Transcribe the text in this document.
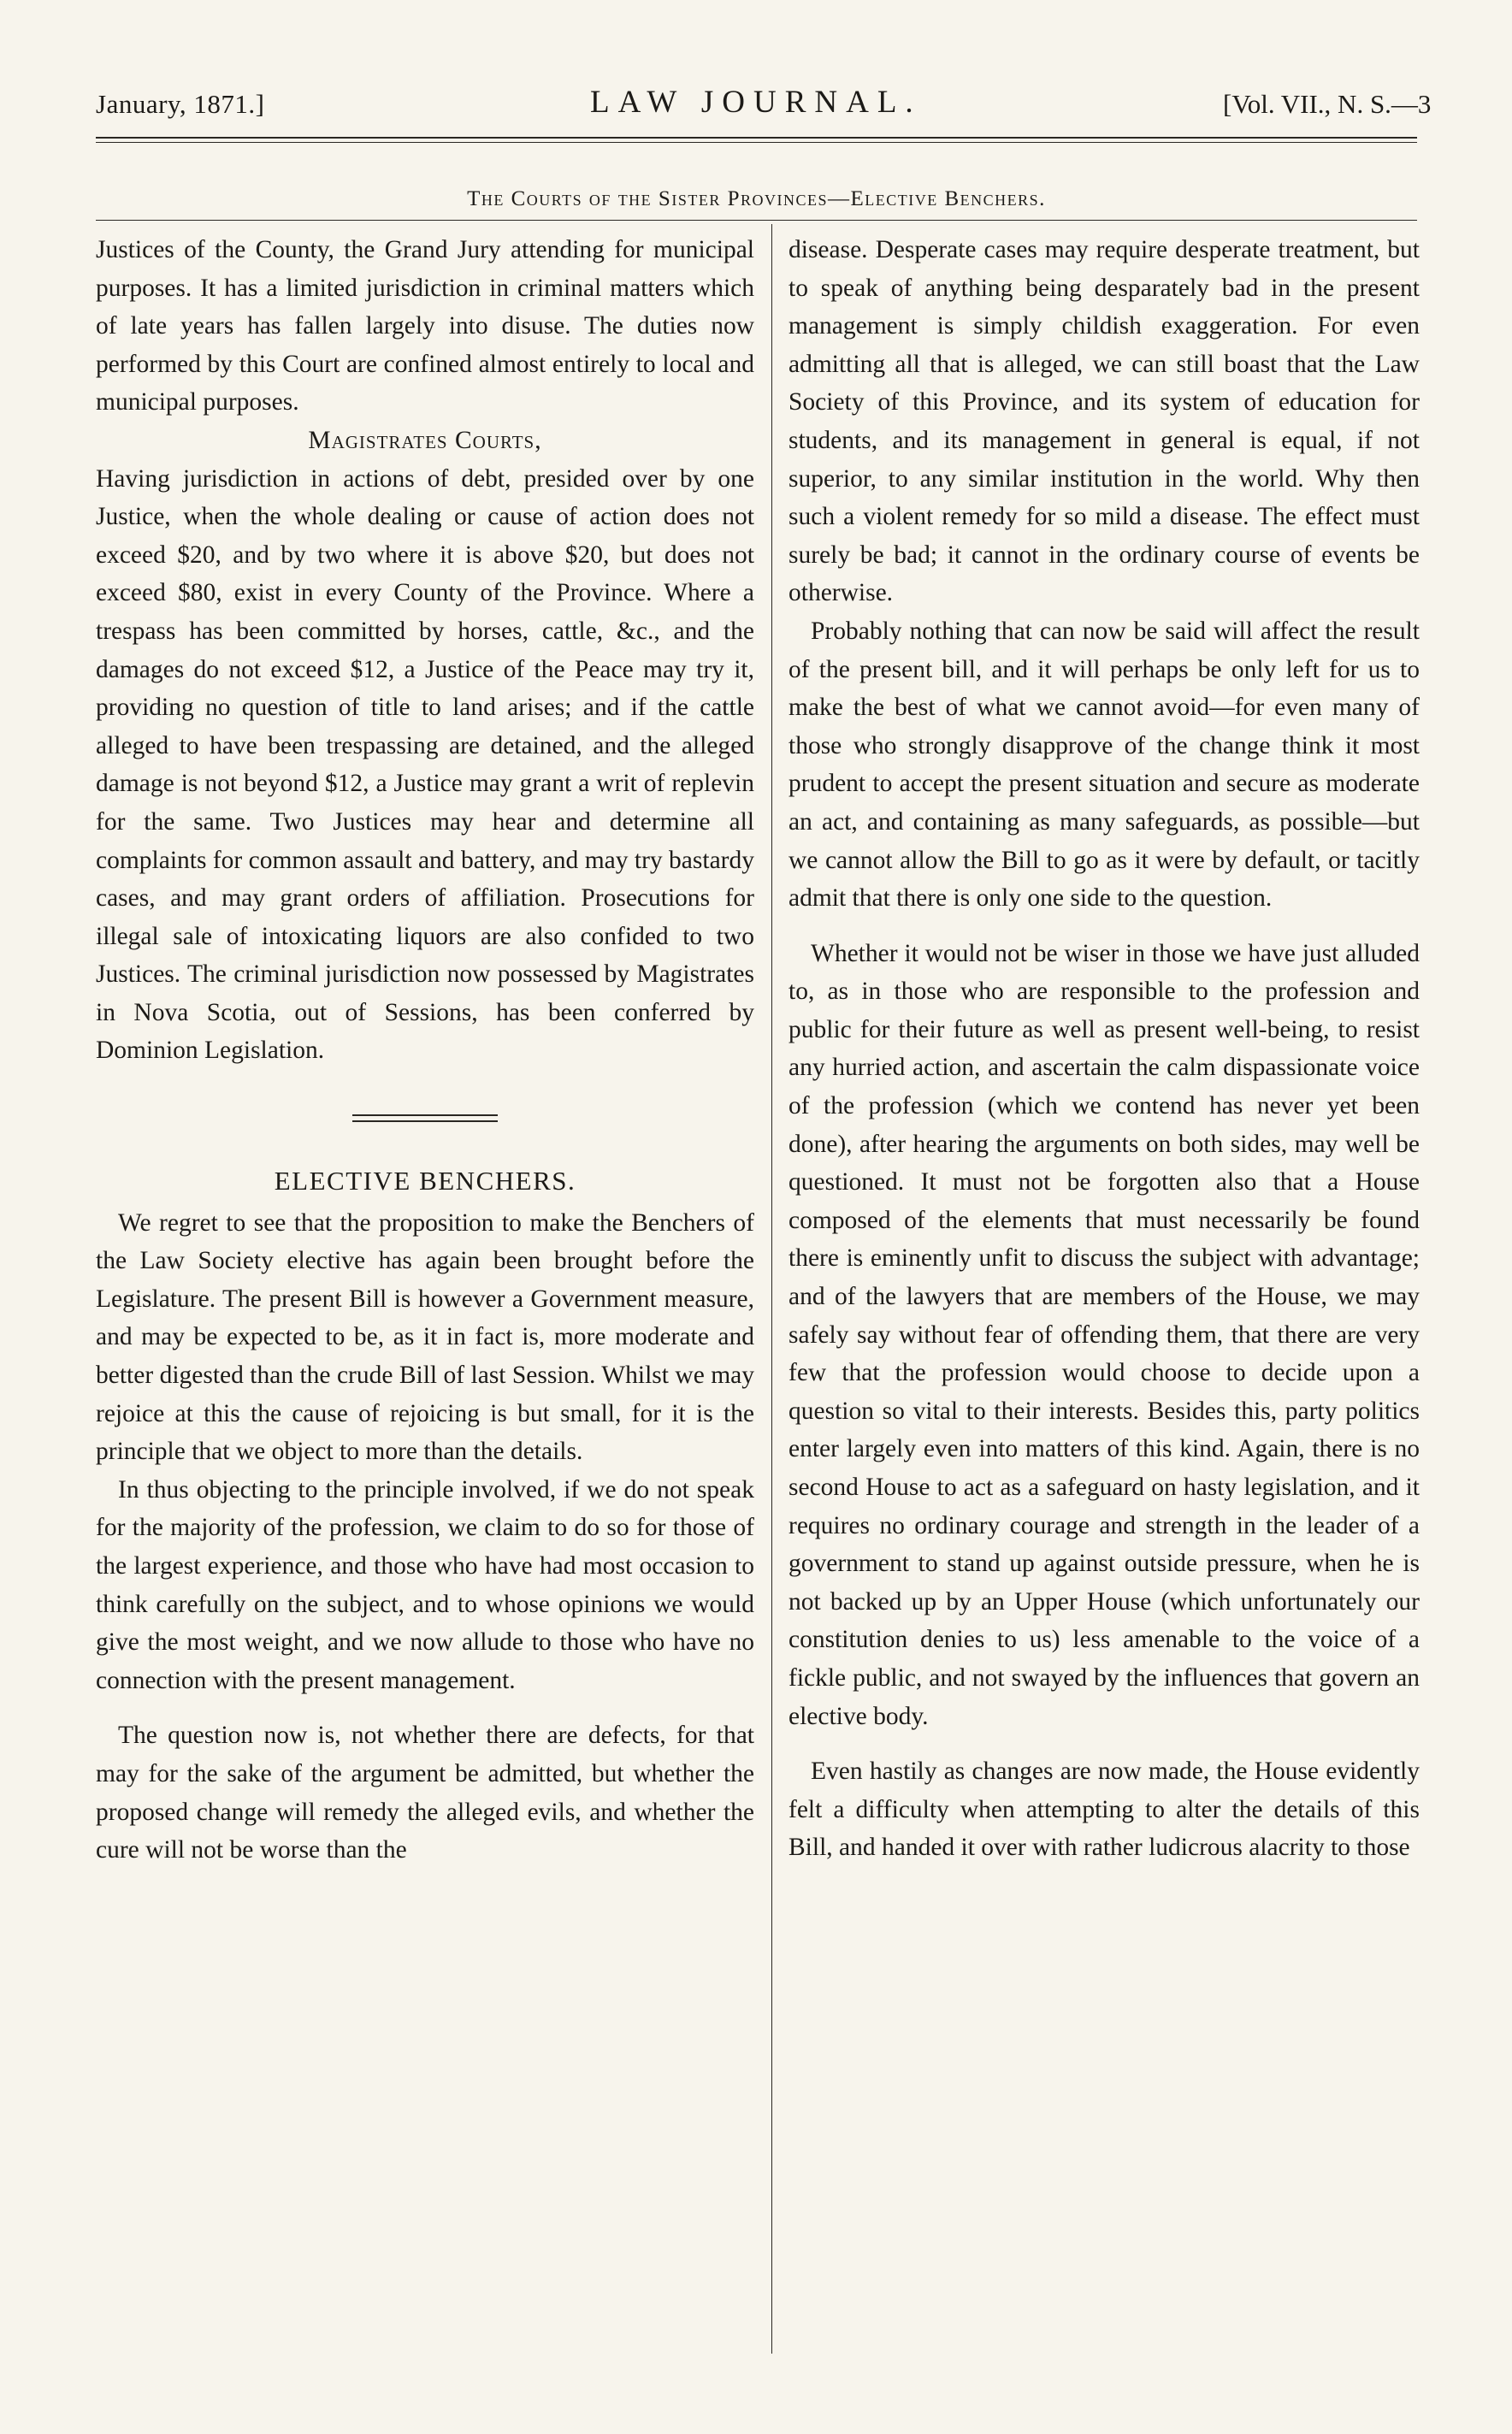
January, 1871.]	LAW JOURNAL.	[Vol. VII., N. S.—3
The Courts of the Sister Provinces—Elective Benchers.

Justices of the County, the Grand Jury attending for municipal purposes. It has a limited jurisdiction in criminal matters which of late years has fallen largely into disuse. The duties now performed by this Court are confined almost entirely to local and municipal purposes.

Magistrates Courts,

Having jurisdiction in actions of debt, presided over by one Justice, when the whole dealing or cause of action does not exceed $20, and by two where it is above $20, but does not exceed $80, exist in every County of the Province. Where a trespass has been committed by horses, cattle, &c., and the damages do not exceed $12, a Justice of the Peace may try it, providing no question of title to land arises; and if the cattle alleged to have been trespassing are detained, and the alleged damage is not beyond $12, a Justice may grant a writ of replevin for the same. Two Justices may hear and determine all complaints for common assault and battery, and may try bastardy cases, and may grant orders of affiliation. Prosecutions for illegal sale of intoxicating liquors are also confided to two Justices. The criminal jurisdiction now possessed by Magistrates in Nova Scotia, out of Sessions, has been conferred by Dominion Legislation.

ELECTIVE BENCHERS.

We regret to see that the proposition to make the Benchers of the Law Society elective has again been brought before the Legislature. The present Bill is however a Government measure, and may be expected to be, as it in fact is, more moderate and better digested than the crude Bill of last Session. Whilst we may rejoice at this the cause of rejoicing is but small, for it is the principle that we object to more than the details.

In thus objecting to the principle involved, if we do not speak for the majority of the profession, we claim to do so for those of the largest experience, and those who have had most occasion to think carefully on the subject, and to whose opinions we would give the most weight, and we now allude to those who have no connection with the present management.

The question now is, not whether there are defects, for that may for the sake of the argument be admitted, but whether the proposed change will remedy the alleged evils, and whether the cure will not be worse than the

disease. Desperate cases may require desperate treatment, but to speak of anything being desparately bad in the present management is simply childish exaggeration. For even admitting all that is alleged, we can still boast that the Law Society of this Province, and its system of education for students, and its management in general is equal, if not superior, to any similar institution in the world. Why then such a violent remedy for so mild a disease. The effect must surely be bad; it cannot in the ordinary course of events be otherwise.

Probably nothing that can now be said will affect the result of the present bill, and it will perhaps be only left for us to make the best of what we cannot avoid—for even many of those who strongly disapprove of the change think it most prudent to accept the present situation and secure as moderate an act, and containing as many safeguards, as possible—but we cannot allow the Bill to go as it were by default, or tacitly admit that there is only one side to the question.

Whether it would not be wiser in those we have just alluded to, as in those who are responsible to the profession and public for their future as well as present well-being, to resist any hurried action, and ascertain the calm dispassionate voice of the profession (which we contend has never yet been done), after hearing the arguments on both sides, may well be questioned. It must not be forgotten also that a House composed of the elements that must necessarily be found there is eminently unfit to discuss the subject with advantage; and of the lawyers that are members of the House, we may safely say without fear of offending them, that there are very few that the profession would choose to decide upon a question so vital to their interests. Besides this, party politics enter largely even into matters of this kind. Again, there is no second House to act as a safeguard on hasty legislation, and it requires no ordinary courage and strength in the leader of a government to stand up against outside pressure, when he is not backed up by an Upper House (which unfortunately our constitution denies to us) less amenable to the voice of a fickle public, and not swayed by the influences that govern an elective body.

Even hastily as changes are now made, the House evidently felt a difficulty when attempting to alter the details of this Bill, and handed it over with rather ludicrous alacrity to those
